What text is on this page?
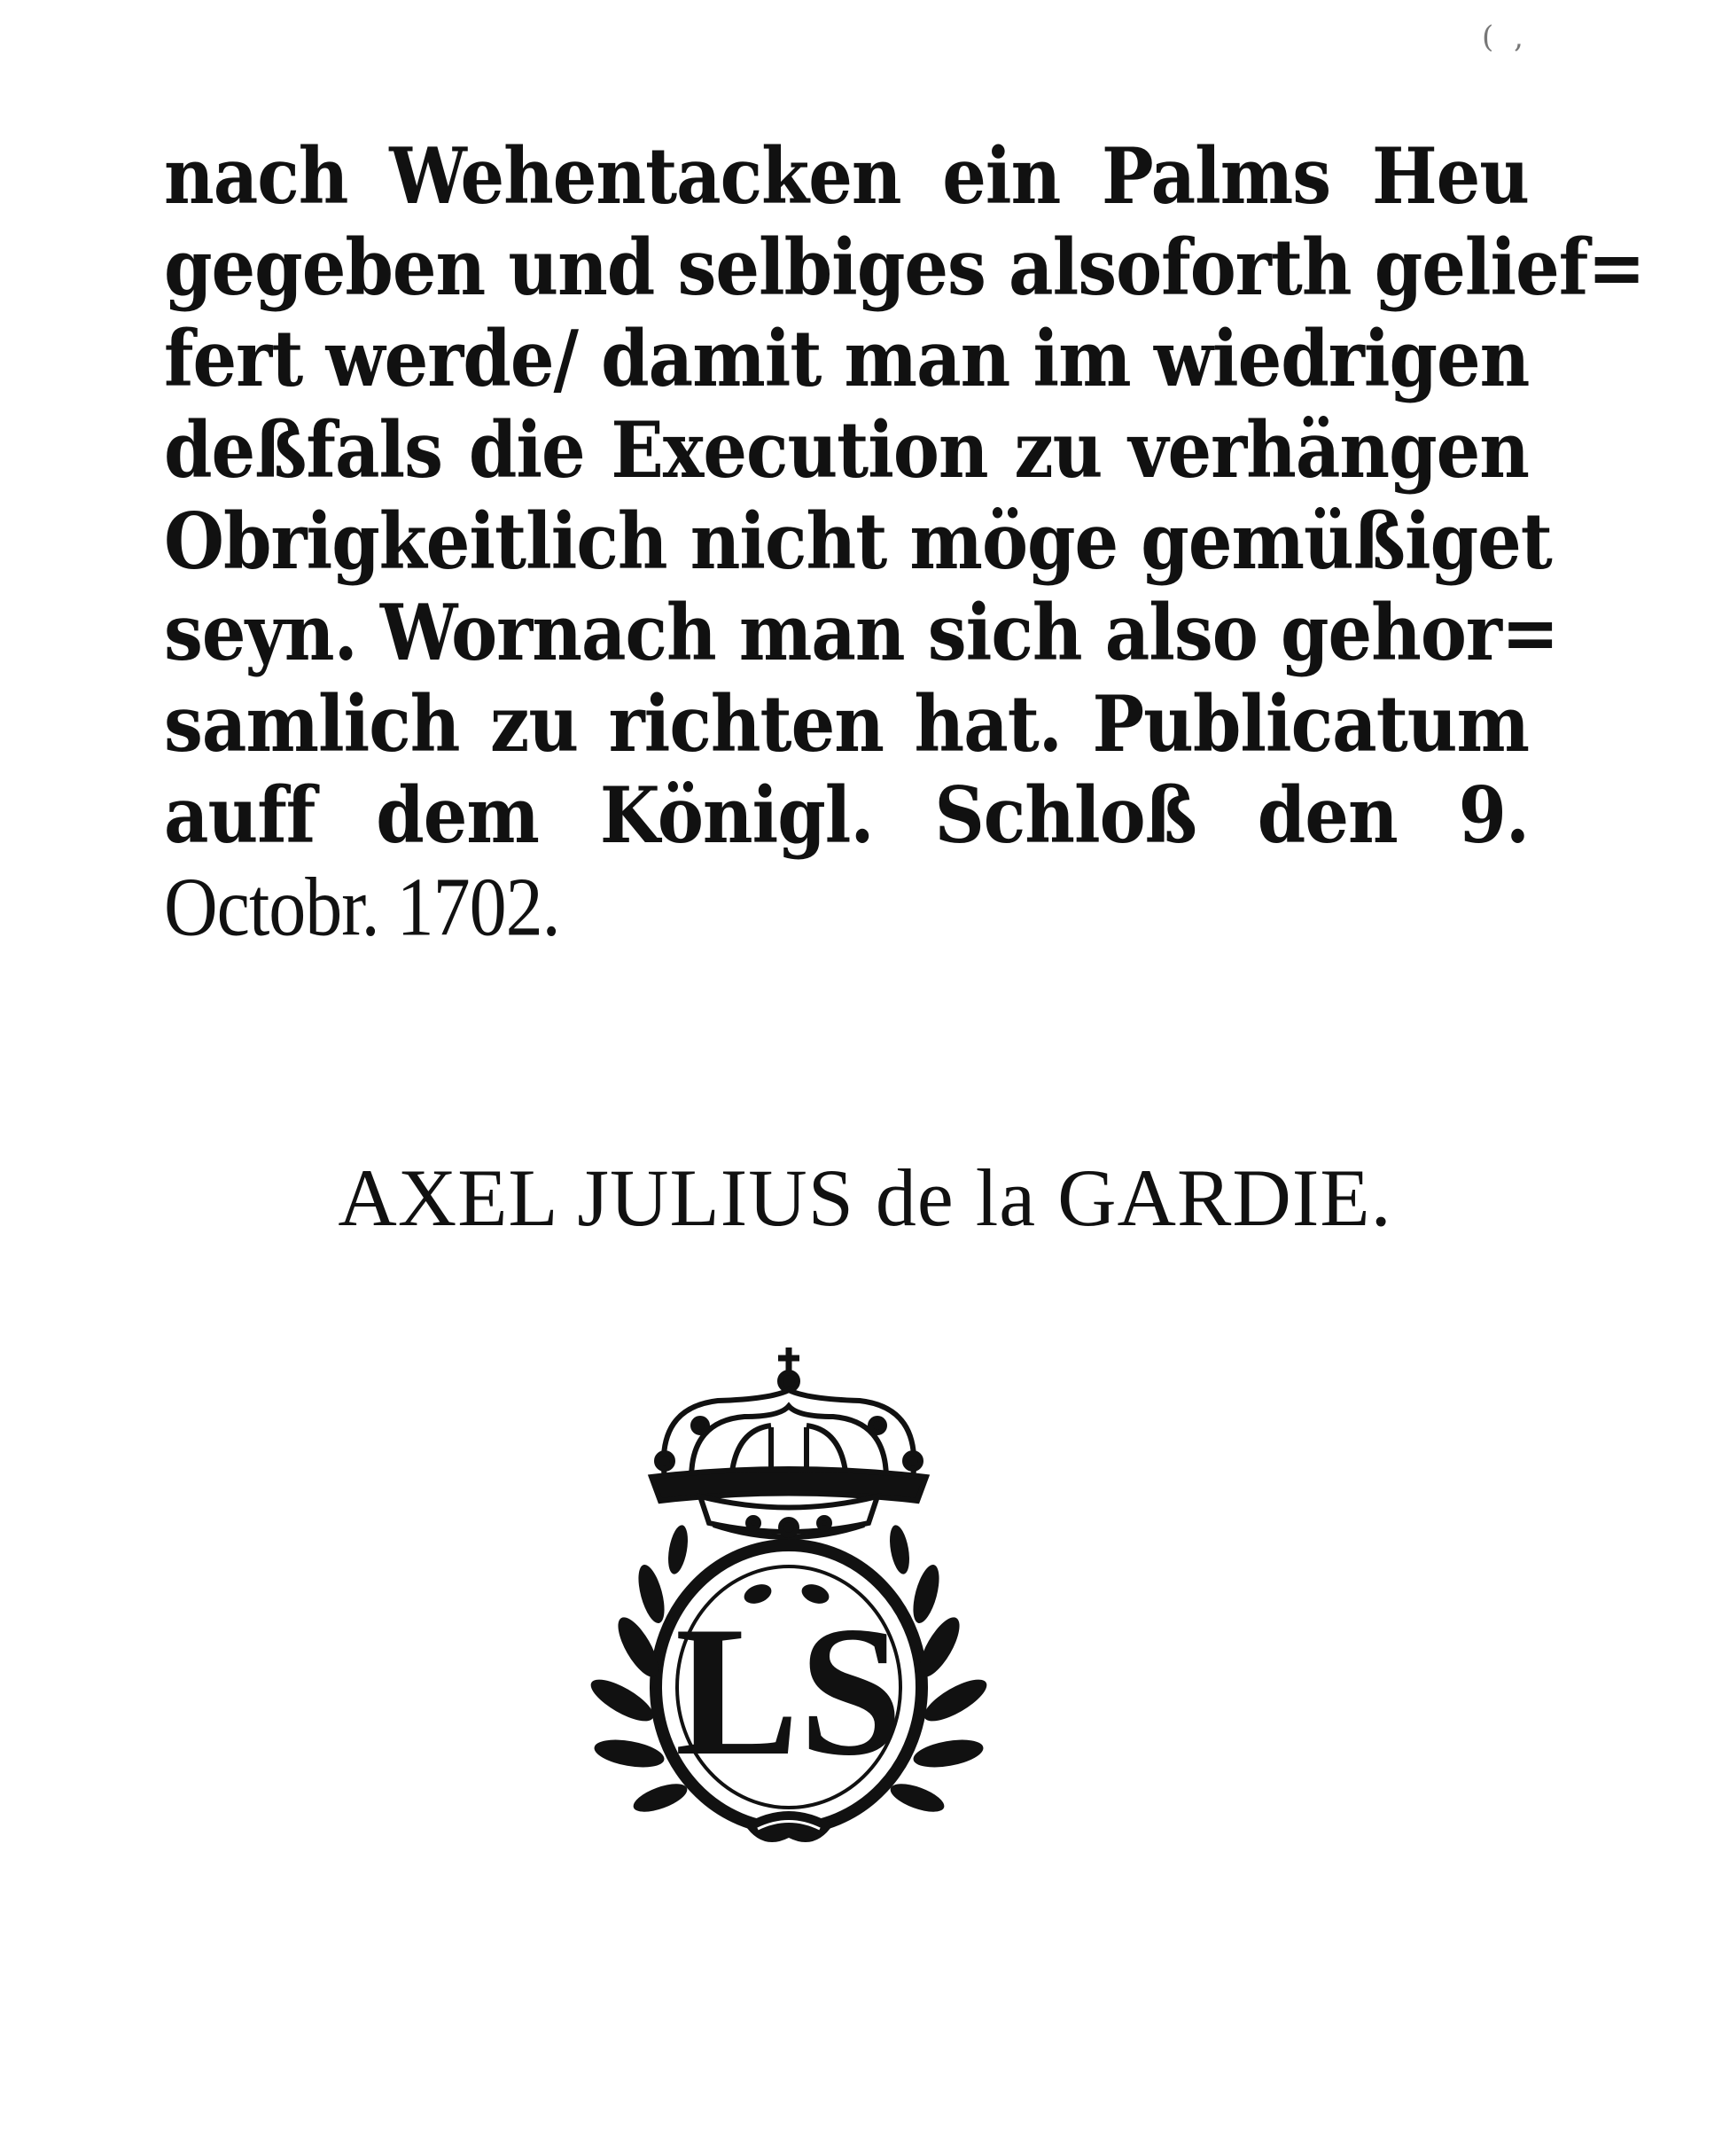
( ,
nach Wehentacken ein Palms Heu
gegeben und selbiges alsoforth gelief=
fert werde/ damit man im wiedrigen
deßfals die Execution zu verhängen
Obrigkeitlich nicht möge gemüßiget
seyn. Wornach man sich also gehor=
samlich zu richten hat. Publicatum
auff dem Königl. Schloß den 9.
Octobr. 1702.
AXEL JULIUS de la GARDIE.
LS
